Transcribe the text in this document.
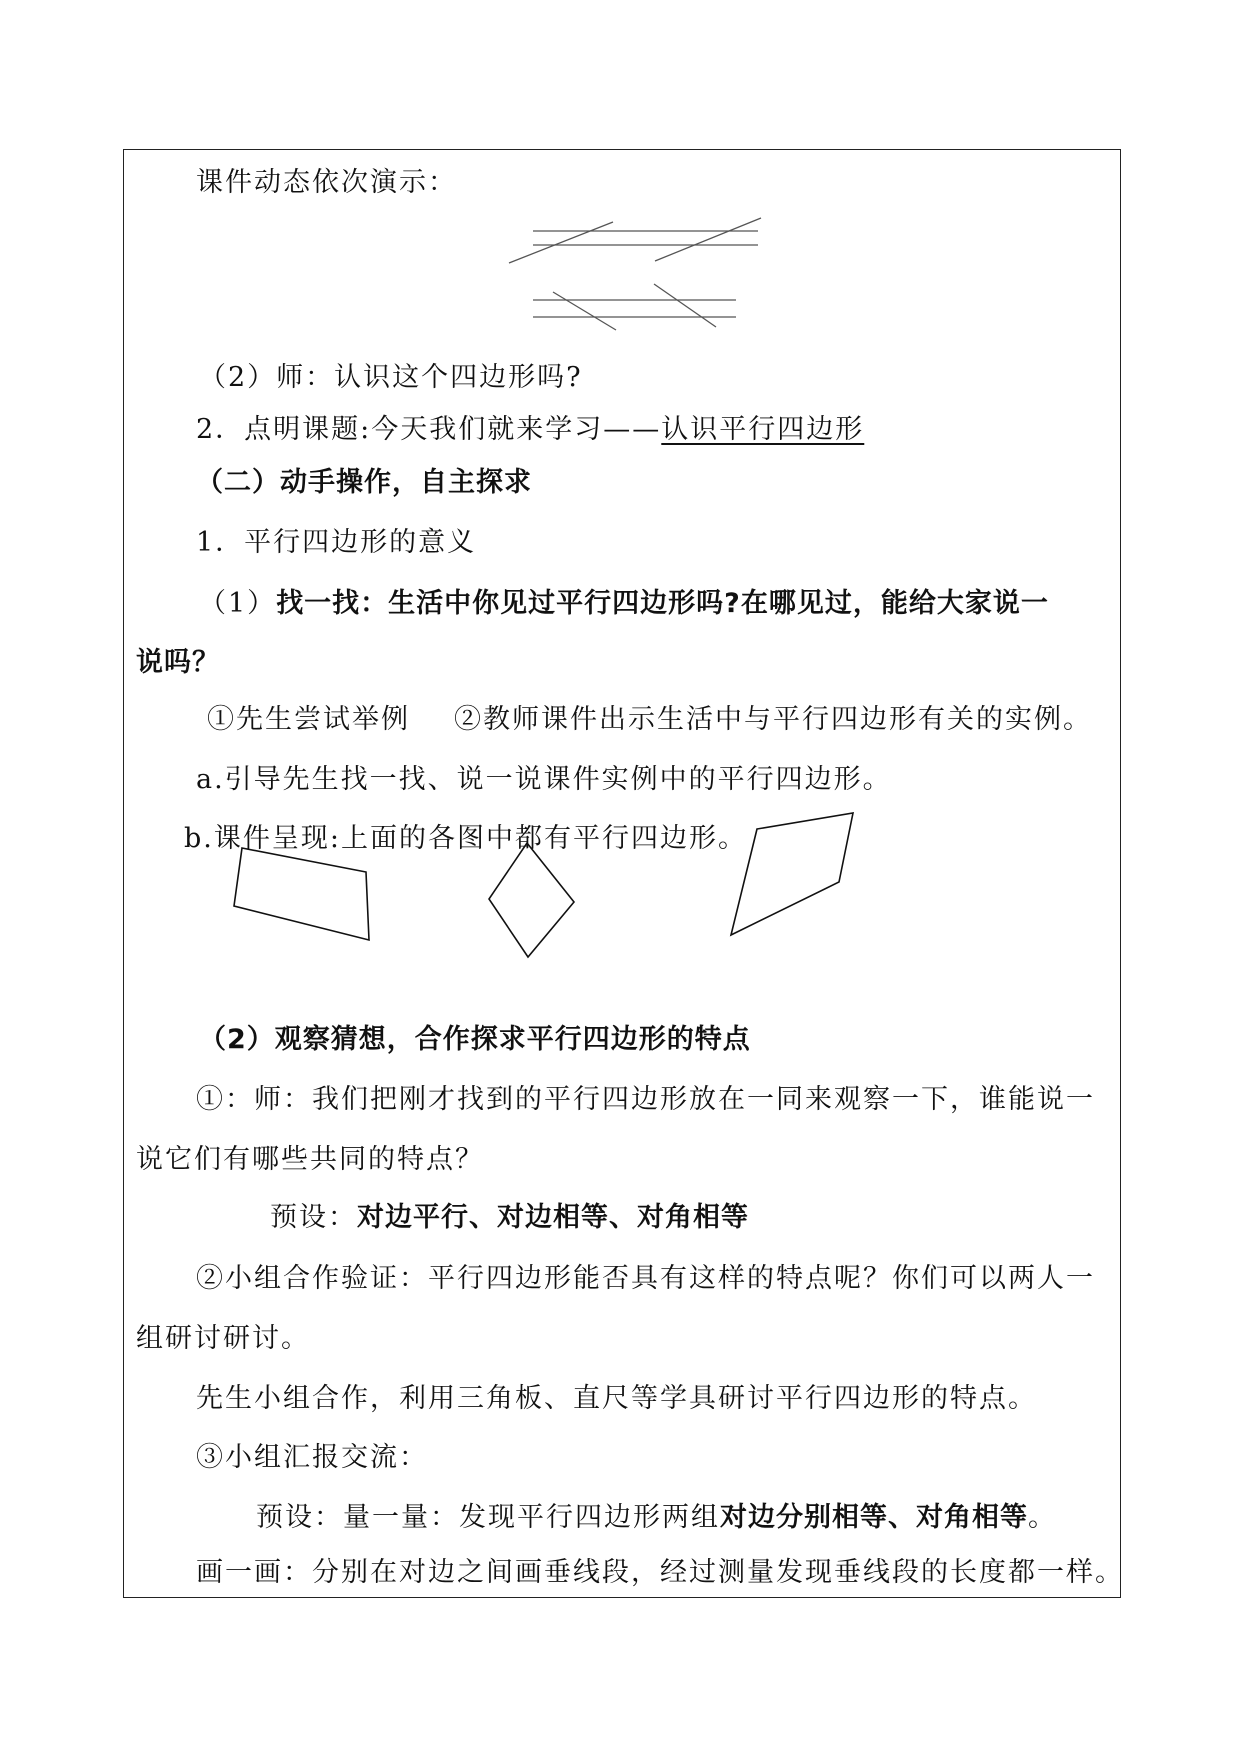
课件动态依次演示：
（2）师：认识这个四边形吗?
2．点明课题:今天我们就来学习——认识平行四边形
（二）动手操作，自主探求
1．平行四边形的意义
（1）找一找：生活中你见过平行四边形吗?在哪见过，能给大家说一
说吗？
①先生尝试举例 ②教师课件出示生活中与平行四边形有关的实例。
a.引导先生找一找、说一说课件实例中的平行四边形。
b.课件呈现:上面的各图中都有平行四边形。
（2）观察猜想，合作探求平行四边形的特点
①：师：我们把刚才找到的平行四边形放在一同来观察一下，谁能说一
说它们有哪些共同的特点？
预设：对边平行、对边相等、对角相等
②小组合作验证：平行四边形能否具有这样的特点呢？你们可以两人一
组研讨研讨。
先生小组合作，利用三角板、直尺等学具研讨平行四边形的特点。
③小组汇报交流：
预设：量一量：发现平行四边形两组对边分别相等、对角相等。
画一画：分别在对边之间画垂线段，经过测量发现垂线段的长度都一样。
